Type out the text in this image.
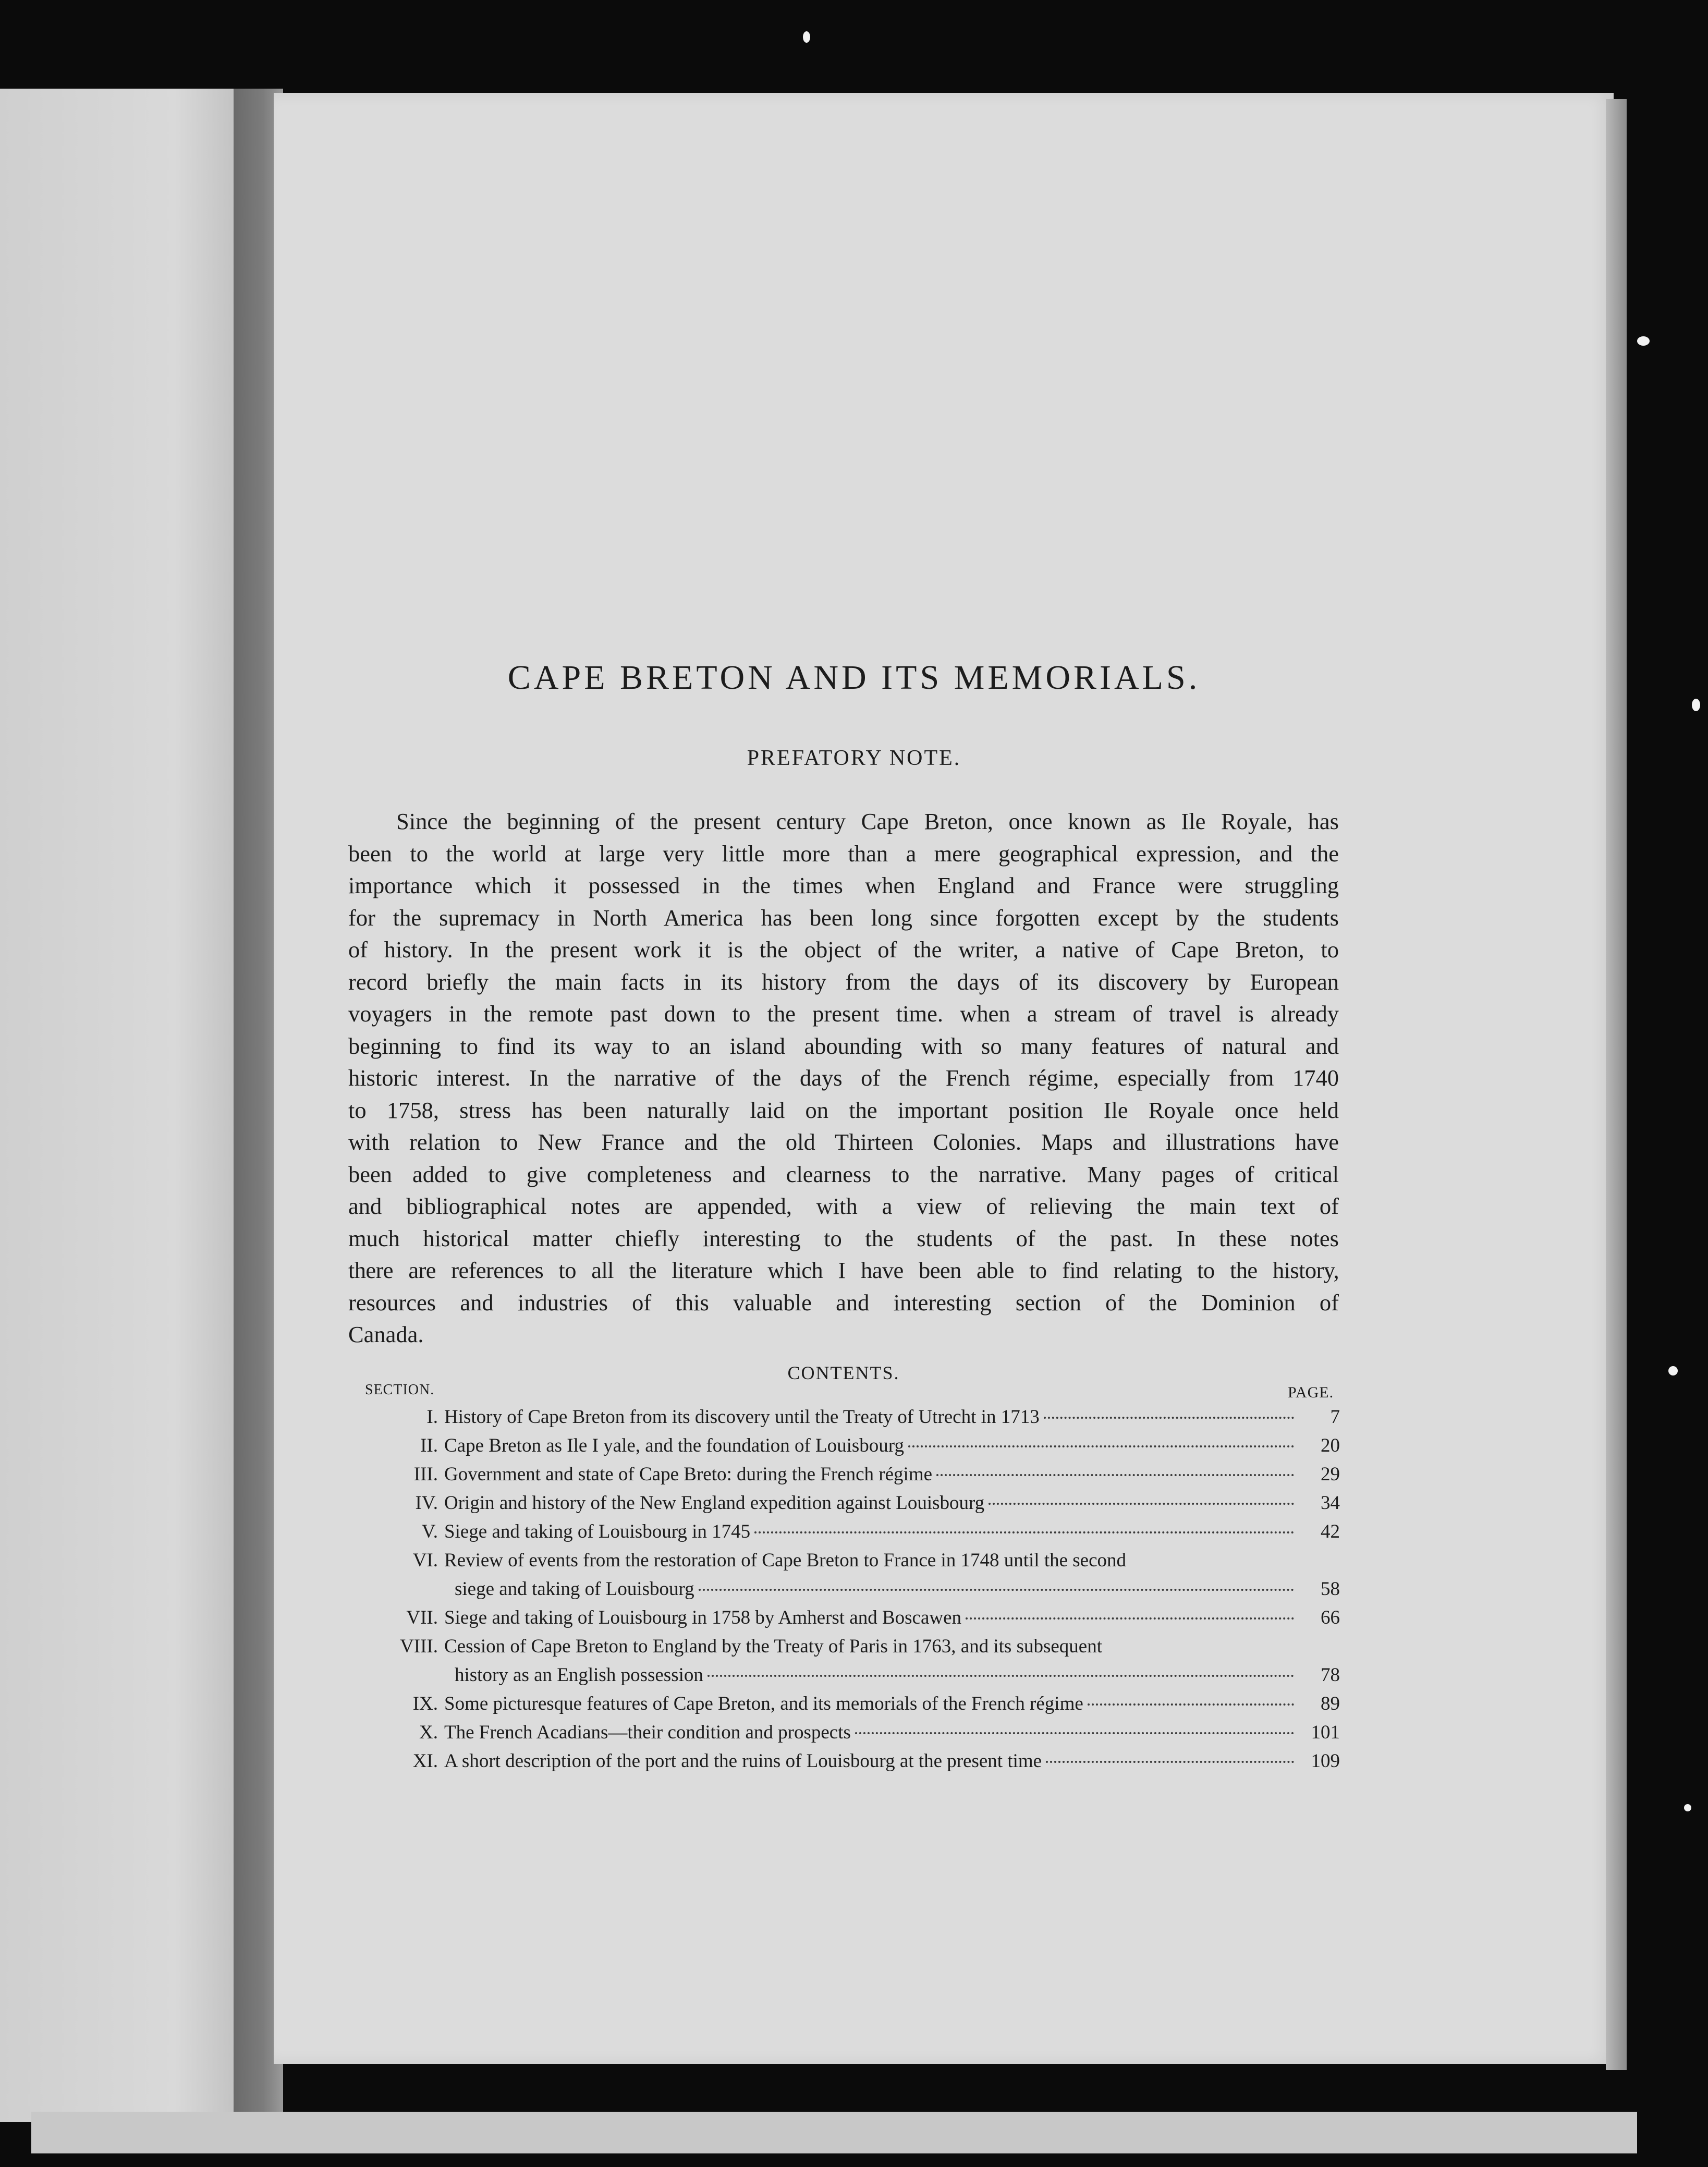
CAPE BRETON AND ITS MEMORIALS.
PREFATORY NOTE.
Since the beginning of the present century Cape Breton, once known as Ile Royale, has
been to the world at large very little more than a mere geographical expression, and the
importance which it possessed in the times when England and France were struggling
for the supremacy in North America has been long since forgotten except by the students
of history. In the present work it is the object of the writer, a native of Cape Breton, to
record briefly the main facts in its history from the days of its discovery by European
voyagers in the remote past down to the present time. when a stream of travel is already
beginning to find its way to an island abounding with so many features of natural and
historic interest. In the narrative of the days of the French régime, especially from 1740
to 1758, stress has been naturally laid on the important position Ile Royale once held
with relation to New France and the old Thirteen Colonies. Maps and illustrations have
been added to give completeness and clearness to the narrative. Many pages of critical
and bibliographical notes are appended, with a view of relieving the main text of
much historical matter chiefly interesting to the students of the past. In these notes
there are references to all the literature which I have been able to find relating to the history,
resources and industries of this valuable and interesting section of the Dominion of
Canada.
CONTENTS.
SECTION.	PAGE.
I. History of Cape Breton from its discovery until the Treaty of Utrecht in 1713	7
II. Cape Breton as Ile I yale, and the foundation of Louisbourg	20
III. Government and state of Cape Breto: during the French régime	29
IV. Origin and history of the New England expedition against Louisbourg	34
V. Siege and taking of Louisbourg in 1745	42
VI. Review of events from the restoration of Cape Breton to France in 1748 until the second
siege and taking of Louisbourg	58
VII. Siege and taking of Louisbourg in 1758 by Amherst and Boscawen	66
VIII. Cession of Cape Breton to England by the Treaty of Paris in 1763, and its subsequent
history as an English possession	78
IX. Some picturesque features of Cape Breton, and its memorials of the French régime	89
X. The French Acadians—their condition and prospects	101
XI. A short description of the port and the ruins of Louisbourg at the present time	109
